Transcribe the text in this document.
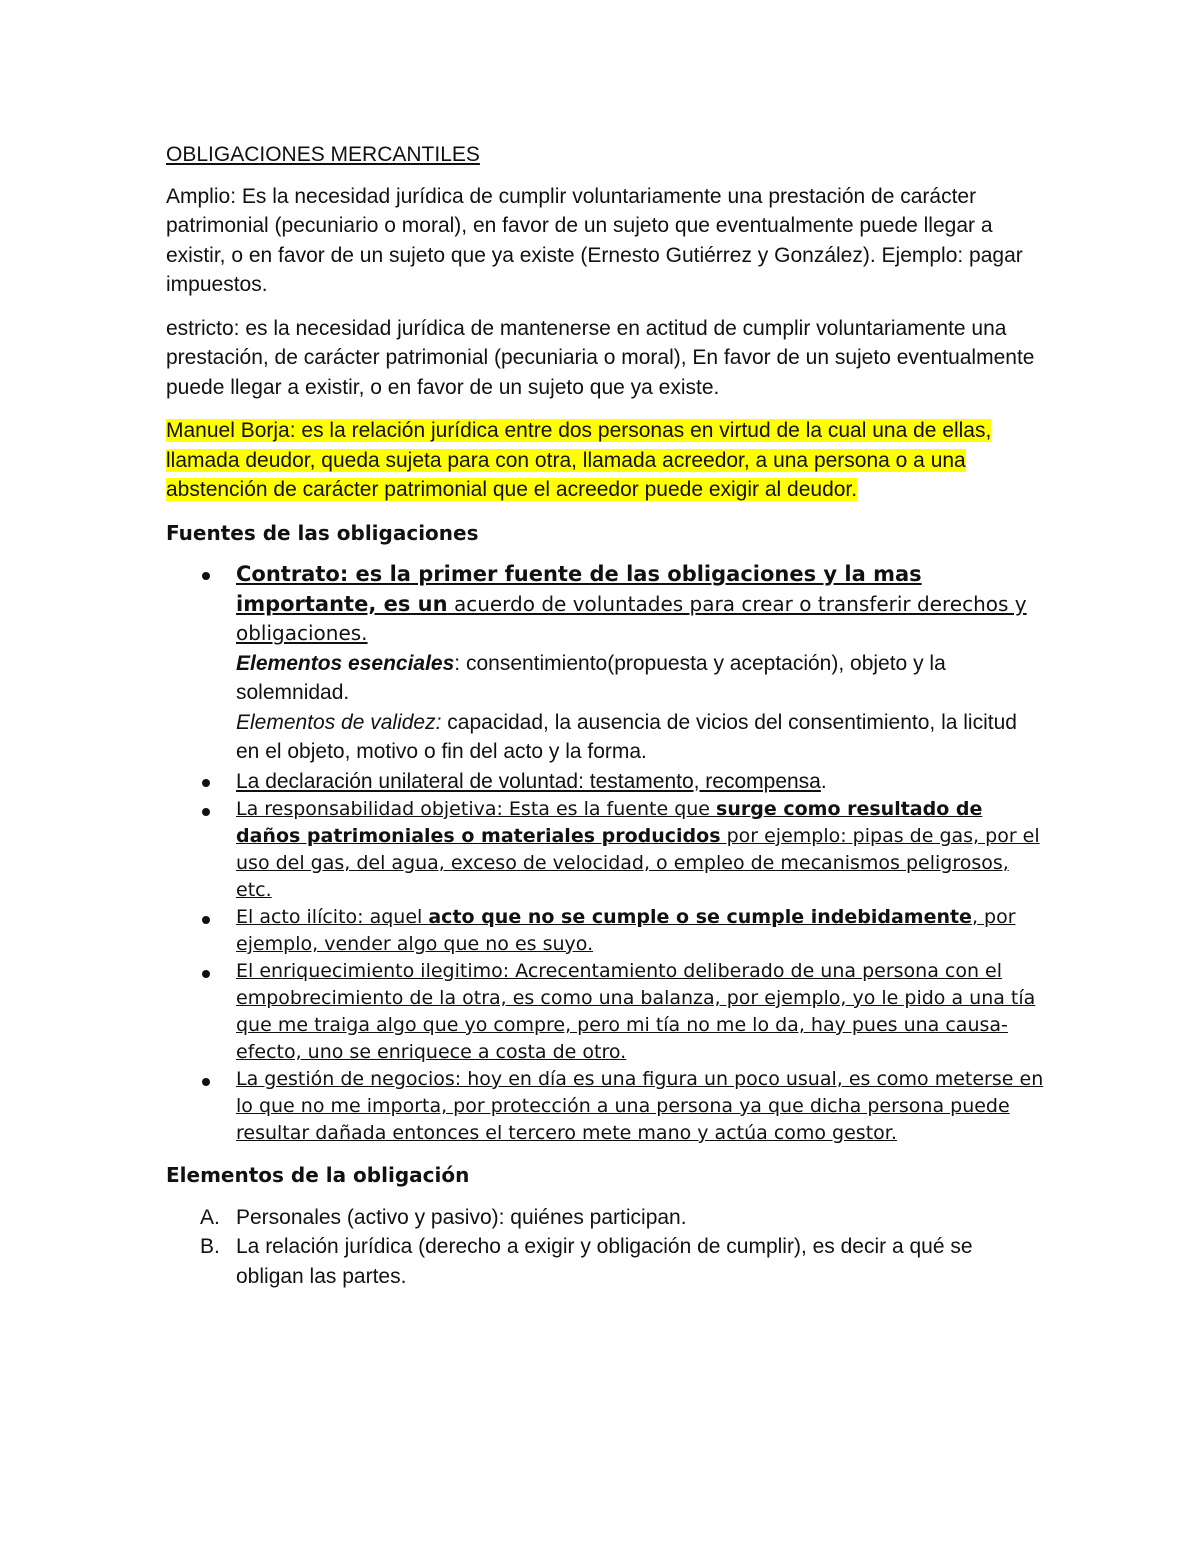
OBLIGACIONES MERCANTILES

Amplio: Es la necesidad jurídica de cumplir voluntariamente una prestación de carácter patrimonial (pecuniario o moral), en favor de un sujeto que eventualmente puede llegar a existir, o en favor de un sujeto que ya existe (Ernesto Gutiérrez y González). Ejemplo: pagar impuestos.

estricto: es la necesidad jurídica de mantenerse en actitud de cumplir voluntariamente una prestación, de carácter patrimonial (pecuniaria o moral), En favor de un sujeto eventualmente puede llegar a existir, o en favor de un sujeto que ya existe.

Manuel Borja: es la relación jurídica entre dos personas en virtud de la cual una de ellas, llamada deudor, queda sujeta para con otra, llamada acreedor, a una persona o a una abstención de carácter patrimonial que el acreedor puede exigir al deudor.

Fuentes de las obligaciones
Contrato: es la primer fuente de las obligaciones y la mas importante, es un acuerdo de voluntades para crear o transferir derechos y obligaciones.
Elementos esenciales: consentimiento(propuesta y aceptación), objeto y la solemnidad.
Elementos de validez: capacidad, la ausencia de vicios del consentimiento, la licitud en el objeto, motivo o fin del acto y la forma.
La declaración unilateral de voluntad: testamento, recompensa.
La responsabilidad objetiva: Esta es la fuente que surge como resultado de daños patrimoniales o materiales producidos por ejemplo: pipas de gas, por el uso del gas, del agua, exceso de velocidad, o empleo de mecanismos peligrosos, etc.
El acto ilícito: aquel acto que no se cumple o se cumple indebidamente, por ejemplo, vender algo que no es suyo.
El enriquecimiento ilegitimo: Acrecentamiento deliberado de una persona con el empobrecimiento de la otra, es como una balanza, por ejemplo, yo le pido a una tía que me traiga algo que yo compre, pero mi tía no me lo da, hay pues una causa-efecto, uno se enriquece a costa de otro.
La gestión de negocios: hoy en día es una figura un poco usual, es como meterse en lo que no me importa, por protección a una persona ya que dicha persona puede resultar dañada entonces el tercero mete mano y actúa como gestor.
Elementos de la obligación
A. Personales (activo y pasivo): quiénes participan.
B. La relación jurídica (derecho a exigir y obligación de cumplir), es decir a qué se obligan las partes.
